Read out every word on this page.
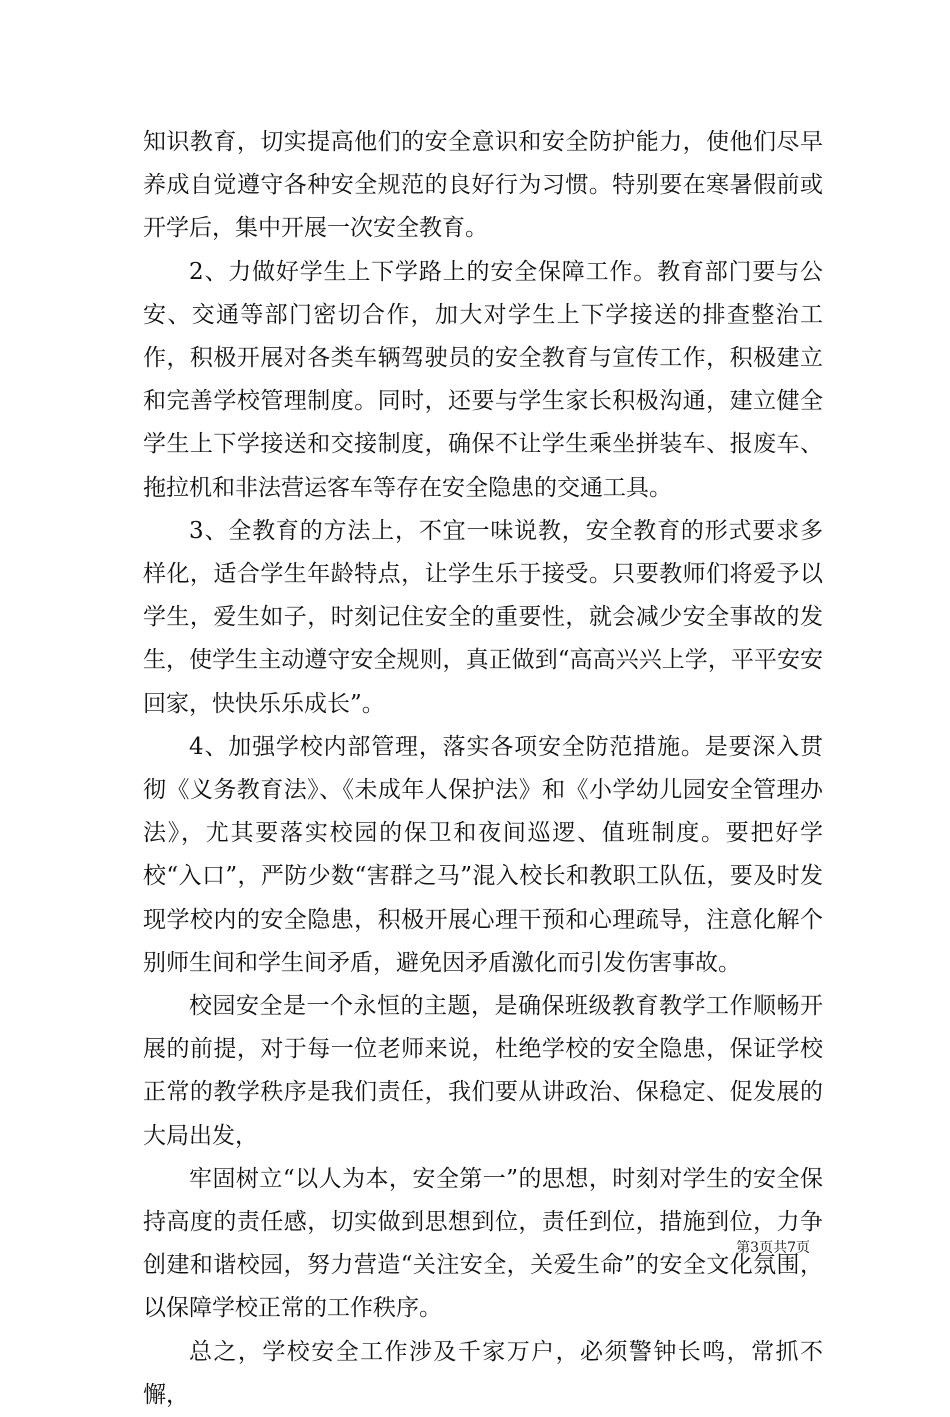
知识教育，切实提高他们的安全意识和安全防护能力，使他们尽早养成自觉遵守各种安全规范的良好行为习惯。特别要在寒暑假前或开学后，集中开展一次安全教育。

2、力做好学生上下学路上的安全保障工作。教育部门要与公安、交通等部门密切合作，加大对学生上下学接送的排查整治工作，积极开展对各类车辆驾驶员的安全教育与宣传工作，积极建立和完善学校管理制度。同时，还要与学生家长积极沟通，建立健全学生上下学接送和交接制度，确保不让学生乘坐拼装车、报废车、拖拉机和非法营运客车等存在安全隐患的交通工具。

3、全教育的方法上，不宜一味说教，安全教育的形式要求多样化，适合学生年龄特点，让学生乐于接受。只要教师们将爱予以学生，爱生如子，时刻记住安全的重要性，就会减少安全事故的发生，使学生主动遵守安全规则，真正做到“高高兴兴上学，平平安安回家，快快乐乐成长”。

4、加强学校内部管理，落实各项安全防范措施。是要深入贯彻《义务教育法》、《未成年人保护法》和《小学幼儿园安全管理办法》，尤其要落实校园的保卫和夜间巡逻、值班制度。要把好学校“入口”，严防少数“害群之马”混入校长和教职工队伍，要及时发现学校内的安全隐患，积极开展心理干预和心理疏导，注意化解个别师生间和学生间矛盾，避免因矛盾激化而引发伤害事故。

校园安全是一个永恒的主题，是确保班级教育教学工作顺畅开展的前提，对于每一位老师来说，杜绝学校的安全隐患，保证学校正常的教学秩序是我们责任，我们要从讲政治、保稳定、促发展的大局出发，

牢固树立“以人为本，安全第一”的思想，时刻对学生的安全保持高度的责任感，切实做到思想到位，责任到位，措施到位，力争创建和谐校园，努力营造“关注安全，关爱生命”的安全文化氛围，以保障学校正常的工作秩序。

总之，学校安全工作涉及千家万户，必须警钟长鸣，常抓不懈，

第3页共7页
